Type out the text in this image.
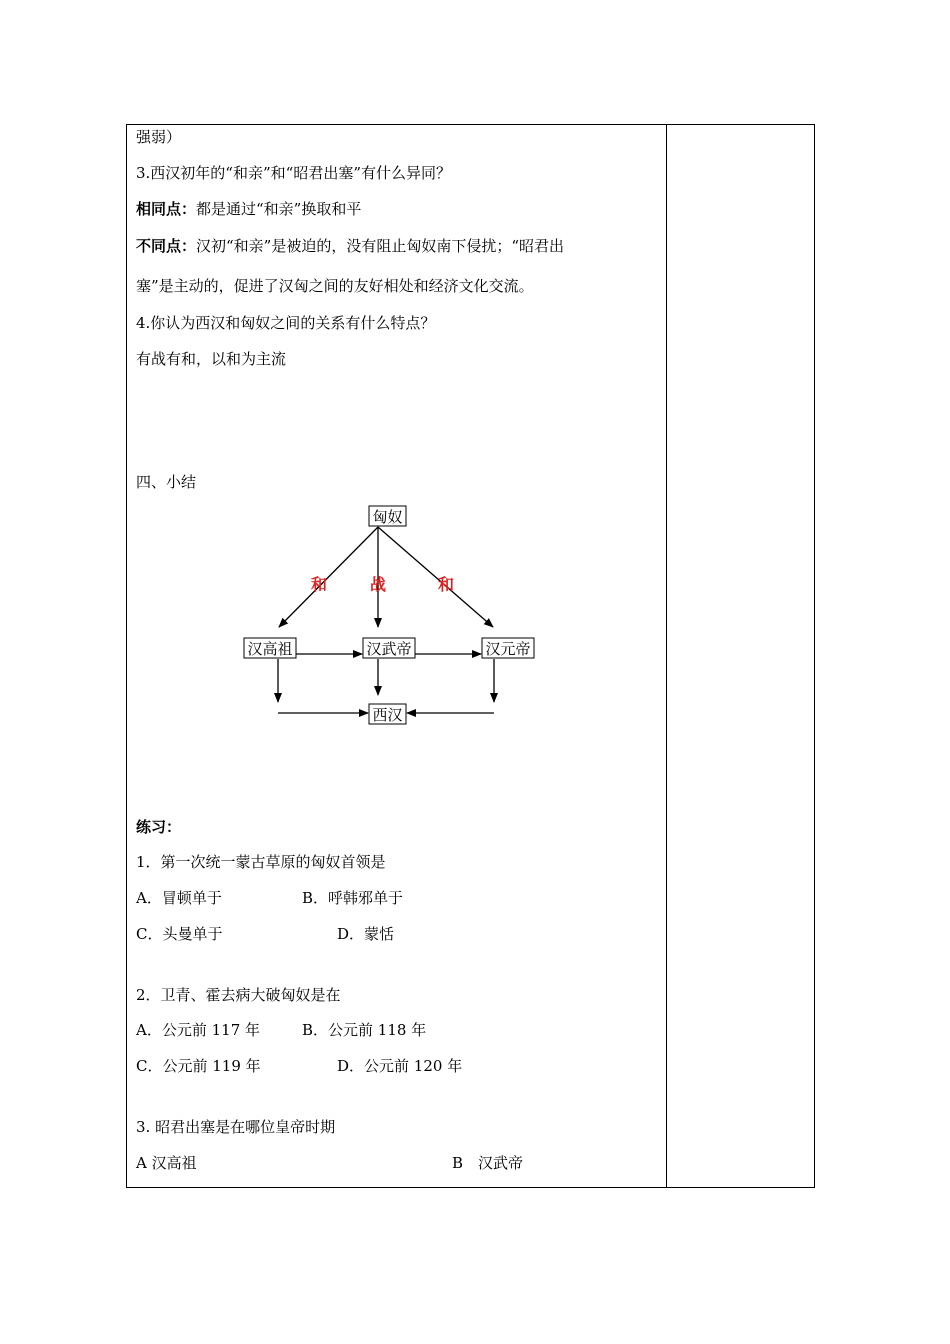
强弱）
3.西汉初年的“和亲”和“昭君出塞”有什么异同？
相同点：都是通过“和亲”换取和平
不同点：汉初“和亲”是被迫的，没有阻止匈奴南下侵扰；“昭君出
塞”是主动的，促进了汉匈之间的友好相处和经济文化交流。
4.你认为西汉和匈奴之间的关系有什么特点？
有战有和，以和为主流
四、小结
匈奴
汉高祖	汉武帝	汉元帝
西汉
和	战	和
练习：
1．第一次统一蒙古草原的匈奴首领是
A．冒顿单于	B．呼韩邪单于
C．头曼单于	D．蒙恬
2．卫青、霍去病大破匈奴是在
A．公元前 117 年	B．公元前 118 年
C．公元前 119 年	D．公元前 120 年
3. 昭君出塞是在哪位皇帝时期
A 汉高祖	B　汉武帝
